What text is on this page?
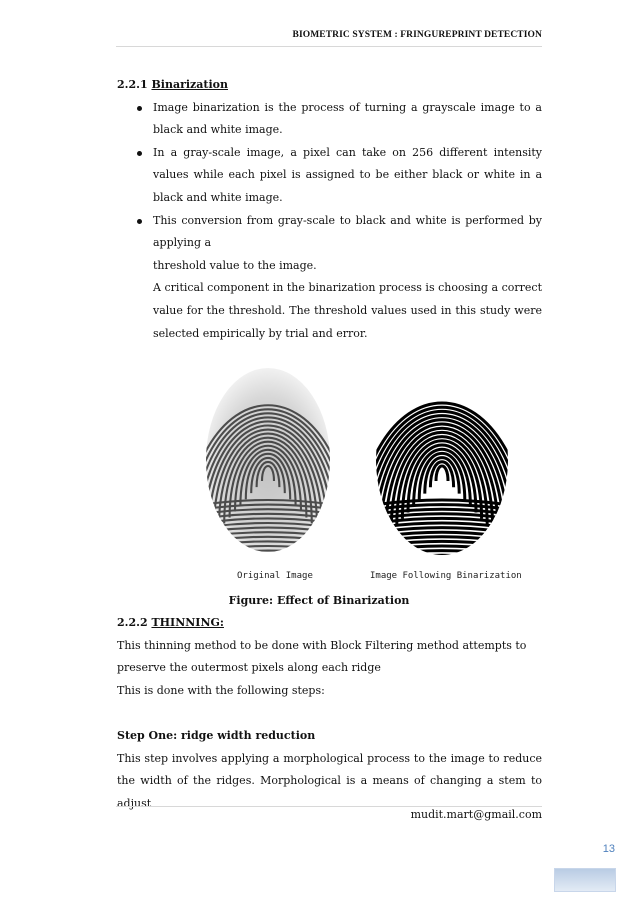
BIOMETRIC SYSTEM : FRINGUREPRINT DETECTION
2.2.1 Binarization
Image binarization is the process of turning a grayscale image to a black and white image.
In a gray-scale image, a pixel can take on 256 different intensity values while each pixel is assigned to be either black or white in a black and white image.
This conversion from gray-scale to black and white is performed by applying a
threshold value to the image.
A critical component in the binarization process is choosing a correct value for the threshold. The threshold values used in this study were selected empirically by trial and error.
Original Image	Image Following Binarization
Figure: Effect of Binarization
2.2.2 THINNING:
This thinning method to be done with Block Filtering method attempts to
preserve the outermost pixels along each ridge
This is done with the following steps:
Step One: ridge width reduction
This step involves applying a morphological process to the image to reduce the width of the ridges. Morphological is a means of changing a stem to adjust
mudit.mart@gmail.com
13
